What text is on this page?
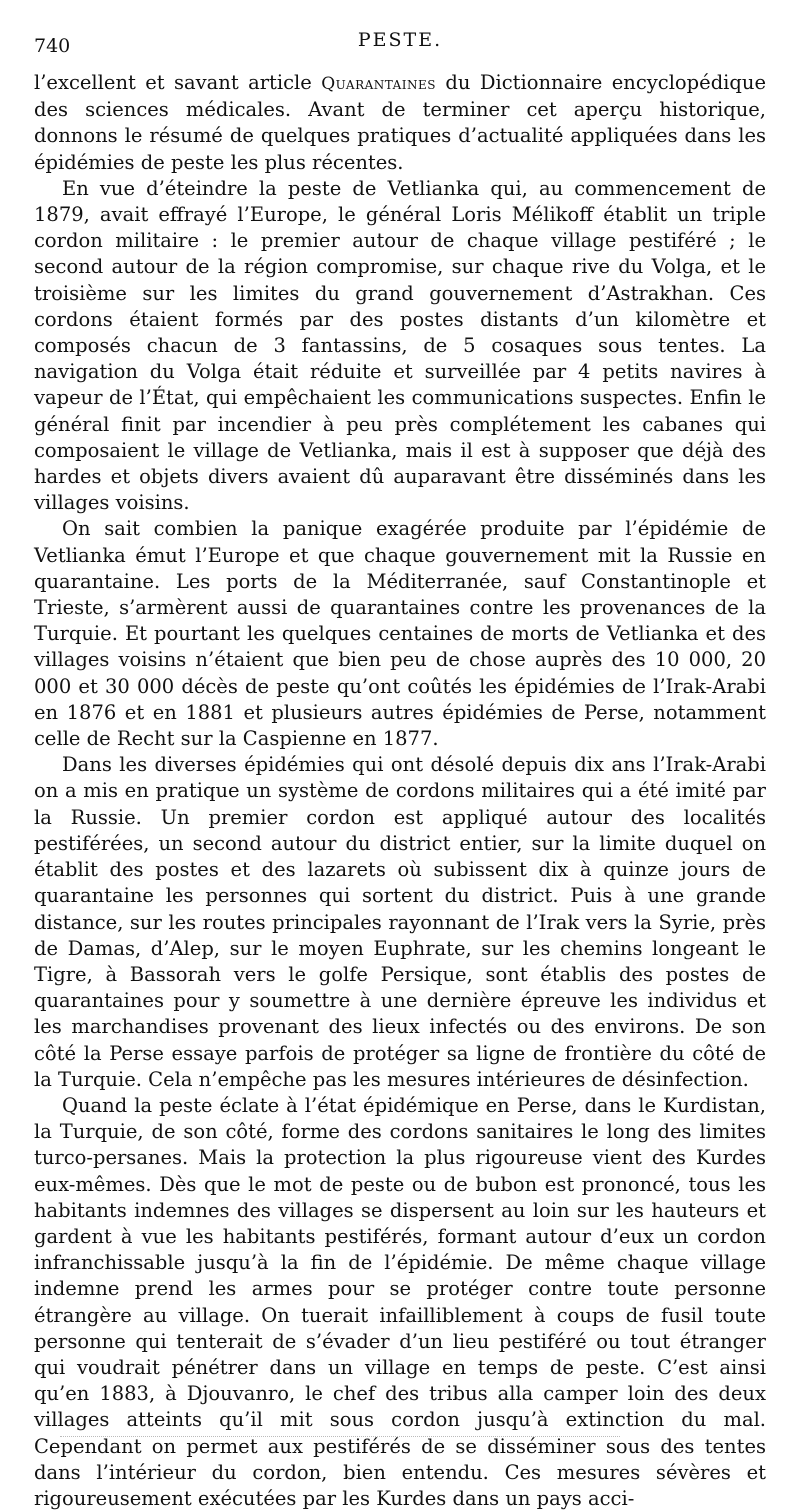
740	PESTE.

l’excellent et savant article Quarantaines du Dictionnaire encyclopédique des sciences médicales. Avant de terminer cet aperçu historique, donnons le résumé de quelques pratiques d’actualité appliquées dans les épidémies de peste les plus récentes.

En vue d’éteindre la peste de Vetlianka qui, au commencement de 1879, avait effrayé l’Europe, le général Loris Mélikoff établit un triple cordon militaire : le premier autour de chaque village pestiféré ; le second autour de la région compromise, sur chaque rive du Volga, et le troisième sur les limites du grand gouvernement d’Astrakhan. Ces cordons étaient formés par des postes distants d’un kilomètre et composés chacun de 3 fantassins, de 5 cosaques sous tentes. La navigation du Volga était réduite et surveillée par 4 petits navires à vapeur de l’État, qui empêchaient les communications suspectes. Enfin le général finit par incendier à peu près complétement les cabanes qui composaient le village de Vetlianka, mais il est à supposer que déjà des hardes et objets divers avaient dû auparavant être disséminés dans les villages voisins.

On sait combien la panique exagérée produite par l’épidémie de Vetlianka émut l’Europe et que chaque gouvernement mit la Russie en quarantaine. Les ports de la Méditerranée, sauf Constantinople et Trieste, s’armèrent aussi de quarantaines contre les provenances de la Turquie. Et pourtant les quelques centaines de morts de Vetlianka et des villages voisins n’étaient que bien peu de chose auprès des 10 000, 20 000 et 30 000 décès de peste qu’ont coûtés les épidémies de l’Irak-Arabi en 1876 et en 1881 et plusieurs autres épidémies de Perse, notamment celle de Recht sur la Caspienne en 1877.

Dans les diverses épidémies qui ont désolé depuis dix ans l’Irak-Arabi on a mis en pratique un système de cordons militaires qui a été imité par la Russie. Un premier cordon est appliqué autour des localités pestiférées, un second autour du district entier, sur la limite duquel on établit des postes et des lazarets où subissent dix à quinze jours de quarantaine les personnes qui sortent du district. Puis à une grande distance, sur les routes principales rayonnant de l’Irak vers la Syrie, près de Damas, d’Alep, sur le moyen Euphrate, sur les chemins longeant le Tigre, à Bassorah vers le golfe Persique, sont établis des postes de quarantaines pour y soumettre à une dernière épreuve les individus et les marchandises provenant des lieux infectés ou des environs. De son côté la Perse essaye parfois de protéger sa ligne de frontière du côté de la Turquie. Cela n’empêche pas les mesures intérieures de désinfection.

Quand la peste éclate à l’état épidémique en Perse, dans le Kurdistan, la Turquie, de son côté, forme des cordons sanitaires le long des limites turco-persanes. Mais la protection la plus rigoureuse vient des Kurdes eux-mêmes. Dès que le mot de peste ou de bubon est prononcé, tous les habitants indemnes des villages se dispersent au loin sur les hauteurs et gardent à vue les habitants pestiférés, formant autour d’eux un cordon infranchissable jusqu’à la fin de l’épidémie. De même chaque village indemne prend les armes pour se protéger contre toute personne étrangère au village. On tuerait infailliblement à coups de fusil toute personne qui tenterait de s’évader d’un lieu pestiféré ou tout étranger qui voudrait pénétrer dans un village en temps de peste. C’est ainsi qu’en 1883, à Djouvanro, le chef des tribus alla camper loin des deux villages atteints qu’il mit sous cordon jusqu’à extinction du mal. Cependant on permet aux pestiférés de se disséminer sous des tentes dans l’intérieur du cordon, bien entendu. Ces mesures sévères et rigoureusement exécutées par les Kurdes dans un pays acci-
